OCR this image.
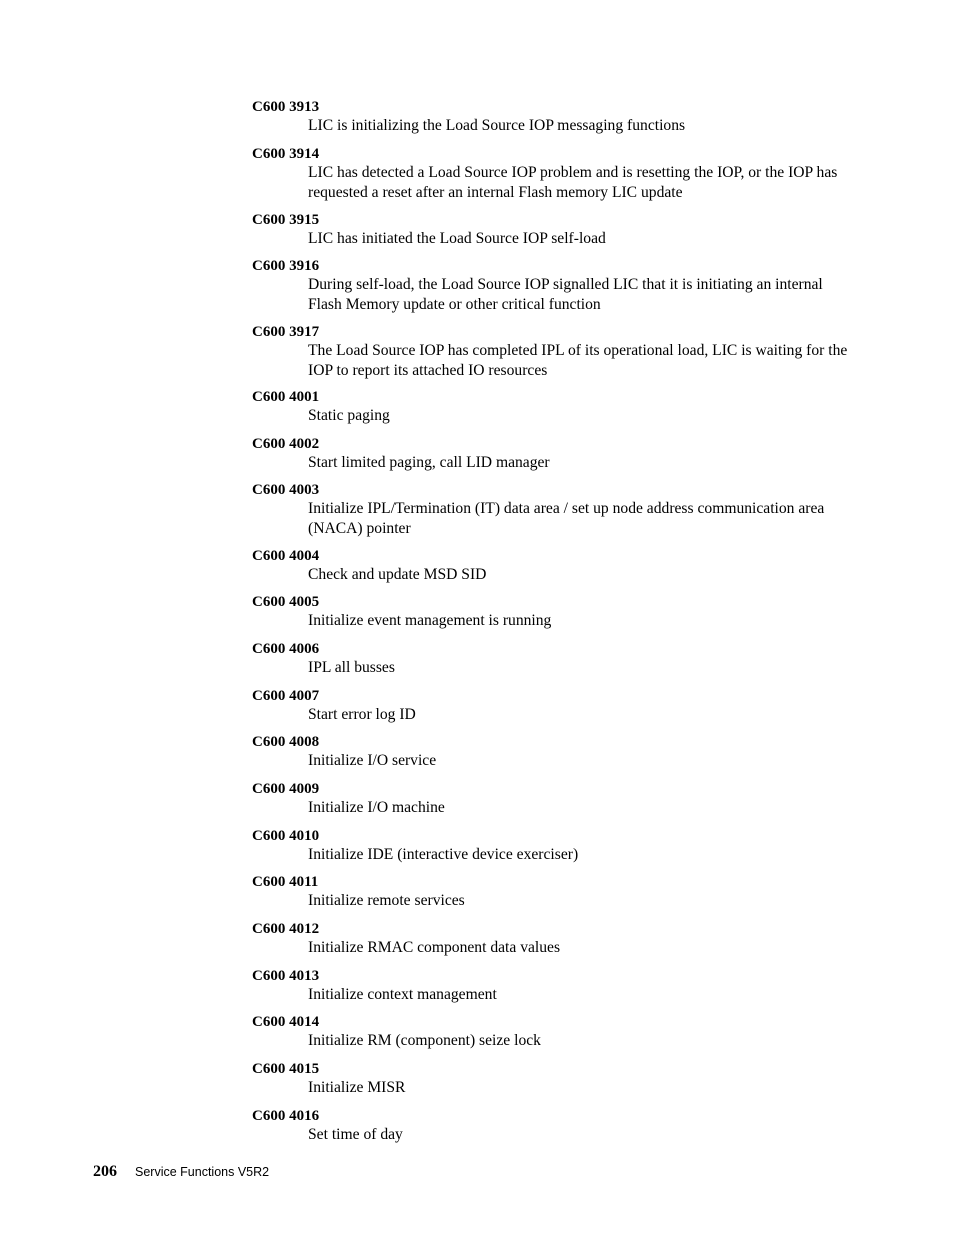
C600 3913
LIC is initializing the Load Source IOP messaging functions
C600 3914
LIC has detected a Load Source IOP problem and is resetting the IOP, or the IOP has requested a reset after an internal Flash memory LIC update
C600 3915
LIC has initiated the Load Source IOP self-load
C600 3916
During self-load, the Load Source IOP signalled LIC that it is initiating an internal Flash Memory update or other critical function
C600 3917
The Load Source IOP has completed IPL of its operational load, LIC is waiting for the IOP to report its attached IO resources
C600 4001
Static paging
C600 4002
Start limited paging, call LID manager
C600 4003
Initialize IPL/Termination (IT) data area / set up node address communication area (NACA) pointer
C600 4004
Check and update MSD SID
C600 4005
Initialize event management is running
C600 4006
IPL all busses
C600 4007
Start error log ID
C600 4008
Initialize I/O service
C600 4009
Initialize I/O machine
C600 4010
Initialize IDE (interactive device exerciser)
C600 4011
Initialize remote services
C600 4012
Initialize RMAC component data values
C600 4013
Initialize context management
C600 4014
Initialize RM (component) seize lock
C600 4015
Initialize MISR
C600 4016
Set time of day
206 Service Functions V5R2
